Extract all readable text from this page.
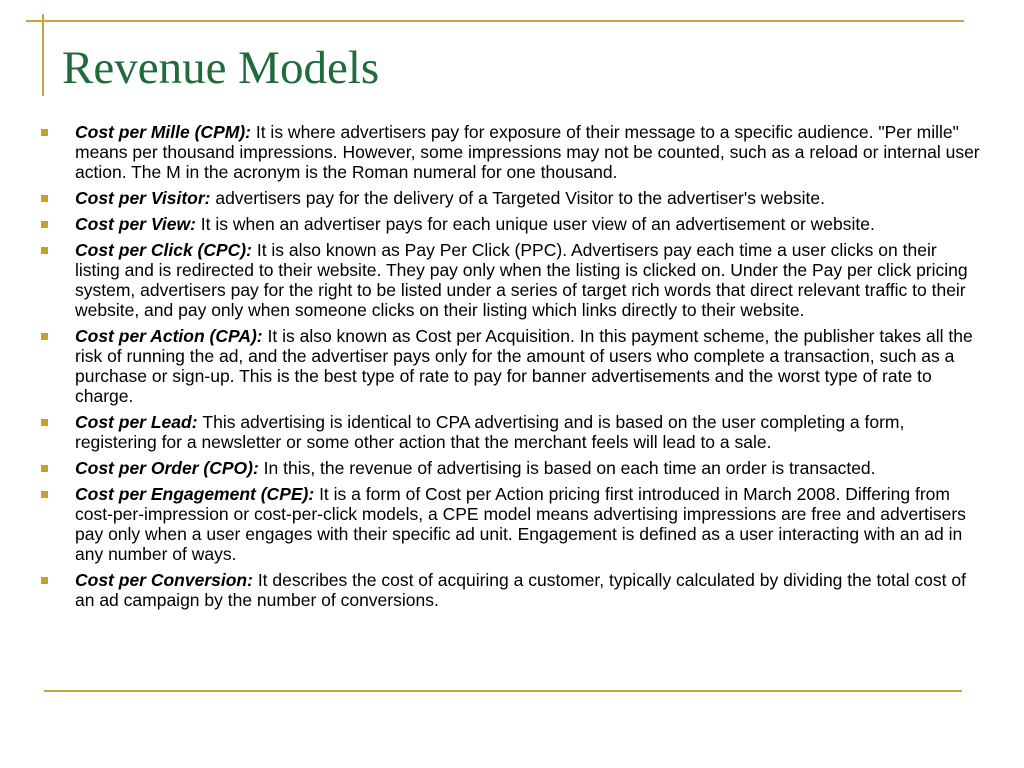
Revenue Models
Cost per Mille (CPM): It is where advertisers pay for exposure of their message to a specific audience. "Per mille" means per thousand impressions. However, some impressions may not be counted, such as a reload or internal user action. The M in the acronym is the Roman numeral for one thousand.
Cost per Visitor: advertisers pay for the delivery of a Targeted Visitor to the advertiser's website.
Cost per View: It is when an advertiser pays for each unique user view of an advertisement or website.
Cost per Click (CPC): It is also known as Pay Per Click (PPC). Advertisers pay each time a user clicks on their listing and is redirected to their website. They pay only when the listing is clicked on. Under the Pay per click pricing system, advertisers pay for the right to be listed under a series of target rich words that direct relevant traffic to their website, and pay only when someone clicks on their listing which links directly to their website.
Cost per Action (CPA): It is also known as Cost per Acquisition. In this payment scheme, the publisher takes all the risk of running the ad, and the advertiser pays only for the amount of users who complete a transaction, such as a purchase or sign-up. This is the best type of rate to pay for banner advertisements and the worst type of rate to charge.
Cost per Lead: This advertising is identical to CPA advertising and is based on the user completing a form, registering for a newsletter or some other action that the merchant feels will lead to a sale.
Cost per Order (CPO): In this, the revenue of advertising is based on each time an order is transacted.
Cost per Engagement (CPE): It is a form of Cost per Action pricing first introduced in March 2008. Differing from cost-per-impression or cost-per-click models, a CPE model means advertising impressions are free and advertisers pay only when a user engages with their specific ad unit. Engagement is defined as a user interacting with an ad in any number of ways.
Cost per Conversion: It describes the cost of acquiring a customer, typically calculated by dividing the total cost of an ad campaign by the number of conversions.
